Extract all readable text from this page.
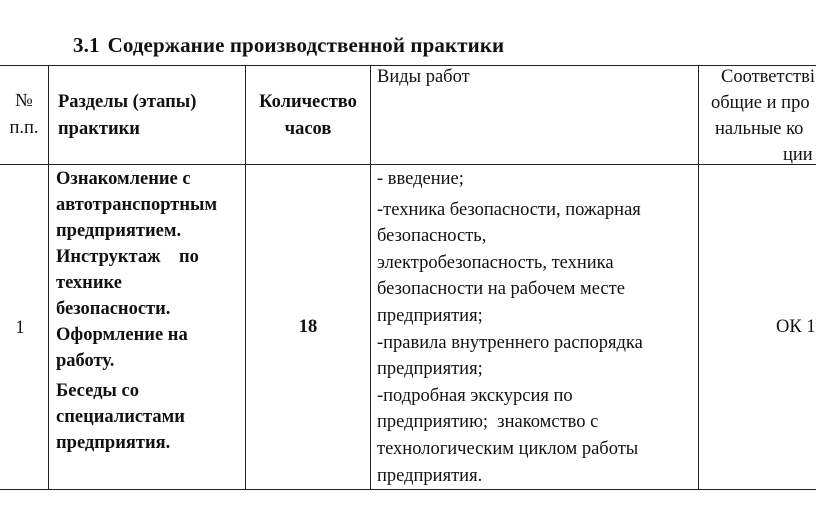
3.1 Содержание производственной практики
№
п.п.
Разделы (этапы)
практики
Количество
часов
Виды работ	Соответстві
общие и про
нальные ко
ции
1
Ознакомление с
автотранспортным
предприятием.
Инструктаж    по
технике
безопасности.
Оформление на
работу.
Беседы со
специалистами
предприятия.
18
- введение;
-техника безопасности, пожарная
безопасность,
электробезопасность, техника
безопасности на рабочем месте
предприятия;
-правила внутреннего распорядка
предприятия;
-подробная экскурсия по
предприятию;  знакомство с
технологическим циклом работы
предприятия.
ОК 1
